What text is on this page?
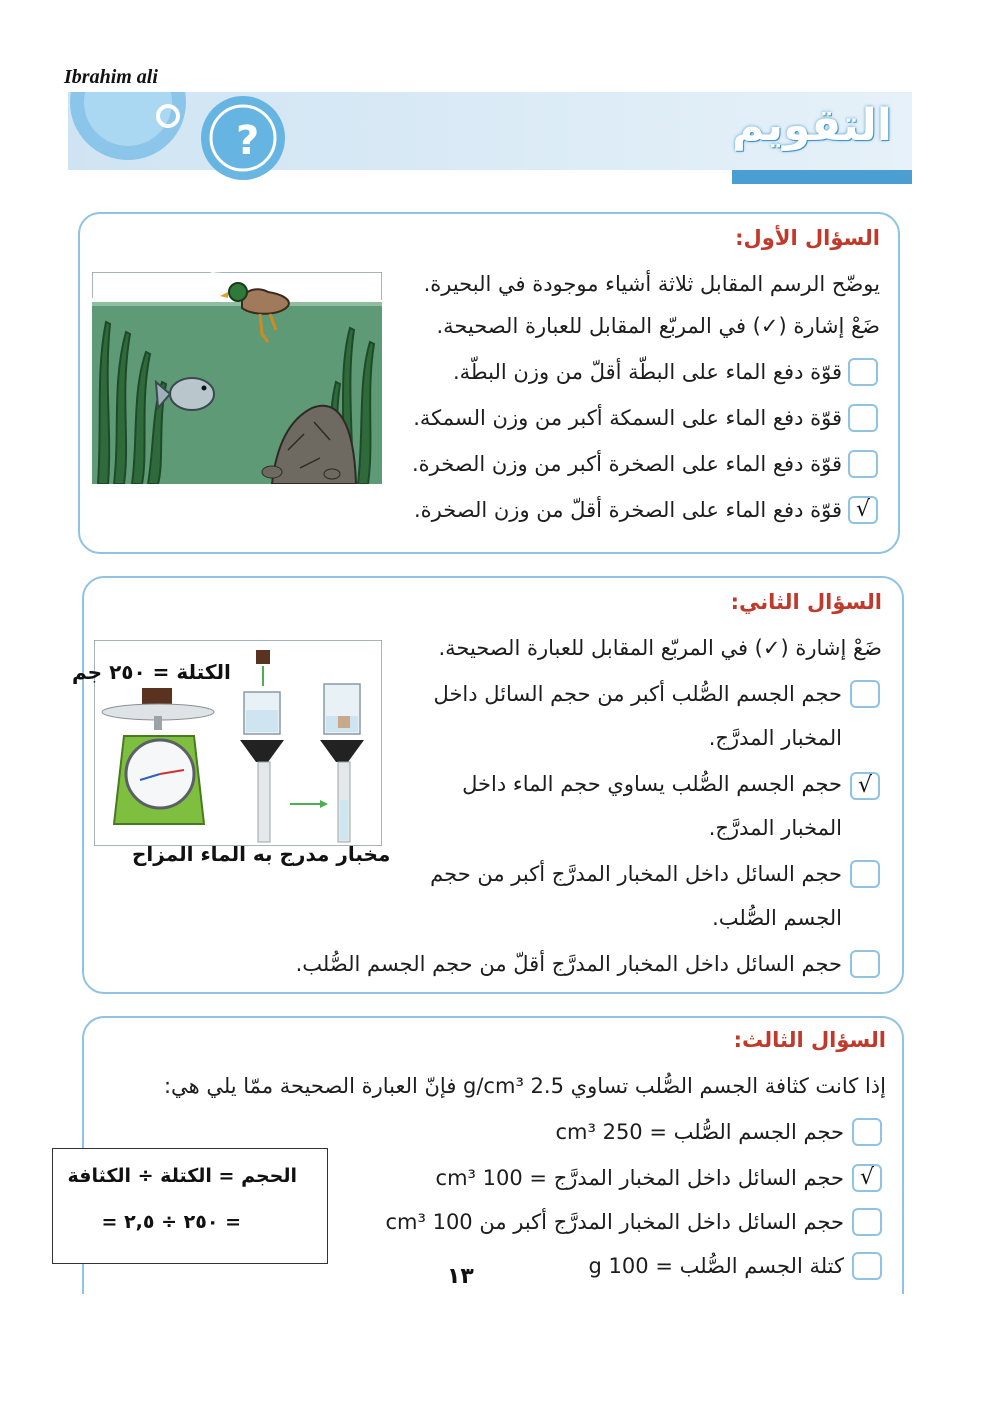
Ibrahim ali
?	التقويم
السؤال الأول:
يوضّح الرسم المقابل ثلاثة أشياء موجودة في البحيرة.
ضَعْ إشارة (✓) في المربّع المقابل للعبارة الصحيحة.
قوّة دفع الماء على البطّة أقلّ من وزن البطّة.
قوّة دفع الماء على السمكة أكبر من وزن السمكة.
قوّة دفع الماء على الصخرة أكبر من وزن الصخرة.
√
قوّة دفع الماء على الصخرة أقلّ من وزن الصخرة.
السؤال الثاني:
ضَعْ إشارة (✓) في المربّع المقابل للعبارة الصحيحة.
حجم الجسم الصُّلب أكبر من حجم السائل داخل
المخبار المدرَّج.
√
حجم الجسم الصُّلب يساوي حجم الماء داخل
المخبار المدرَّج.
حجم السائل داخل المخبار المدرَّج أكبر من حجم
الجسم الصُّلب.
حجم السائل داخل المخبار المدرَّج أقلّ من حجم الجسم الصُّلب.
الكتلة = ٢٥٠ جم
مخبار مدرج به الماء المزاح
السؤال الثالث:
إذا كانت كثافة الجسم الصُّلب تساوي 2.5 g/cm³ فإنّ العبارة الصحيحة ممّا يلي هي:
حجم الجسم الصُّلب = 250 cm³
√
حجم السائل داخل المخبار المدرَّج = 100 cm³
حجم السائل داخل المخبار المدرَّج أكبر من 100 cm³
كتلة الجسم الصُّلب = 100 g
الحجم = الكتلة ÷ الكثافة
= ٢٥٠ ÷ ٢,٥ =
١٣
